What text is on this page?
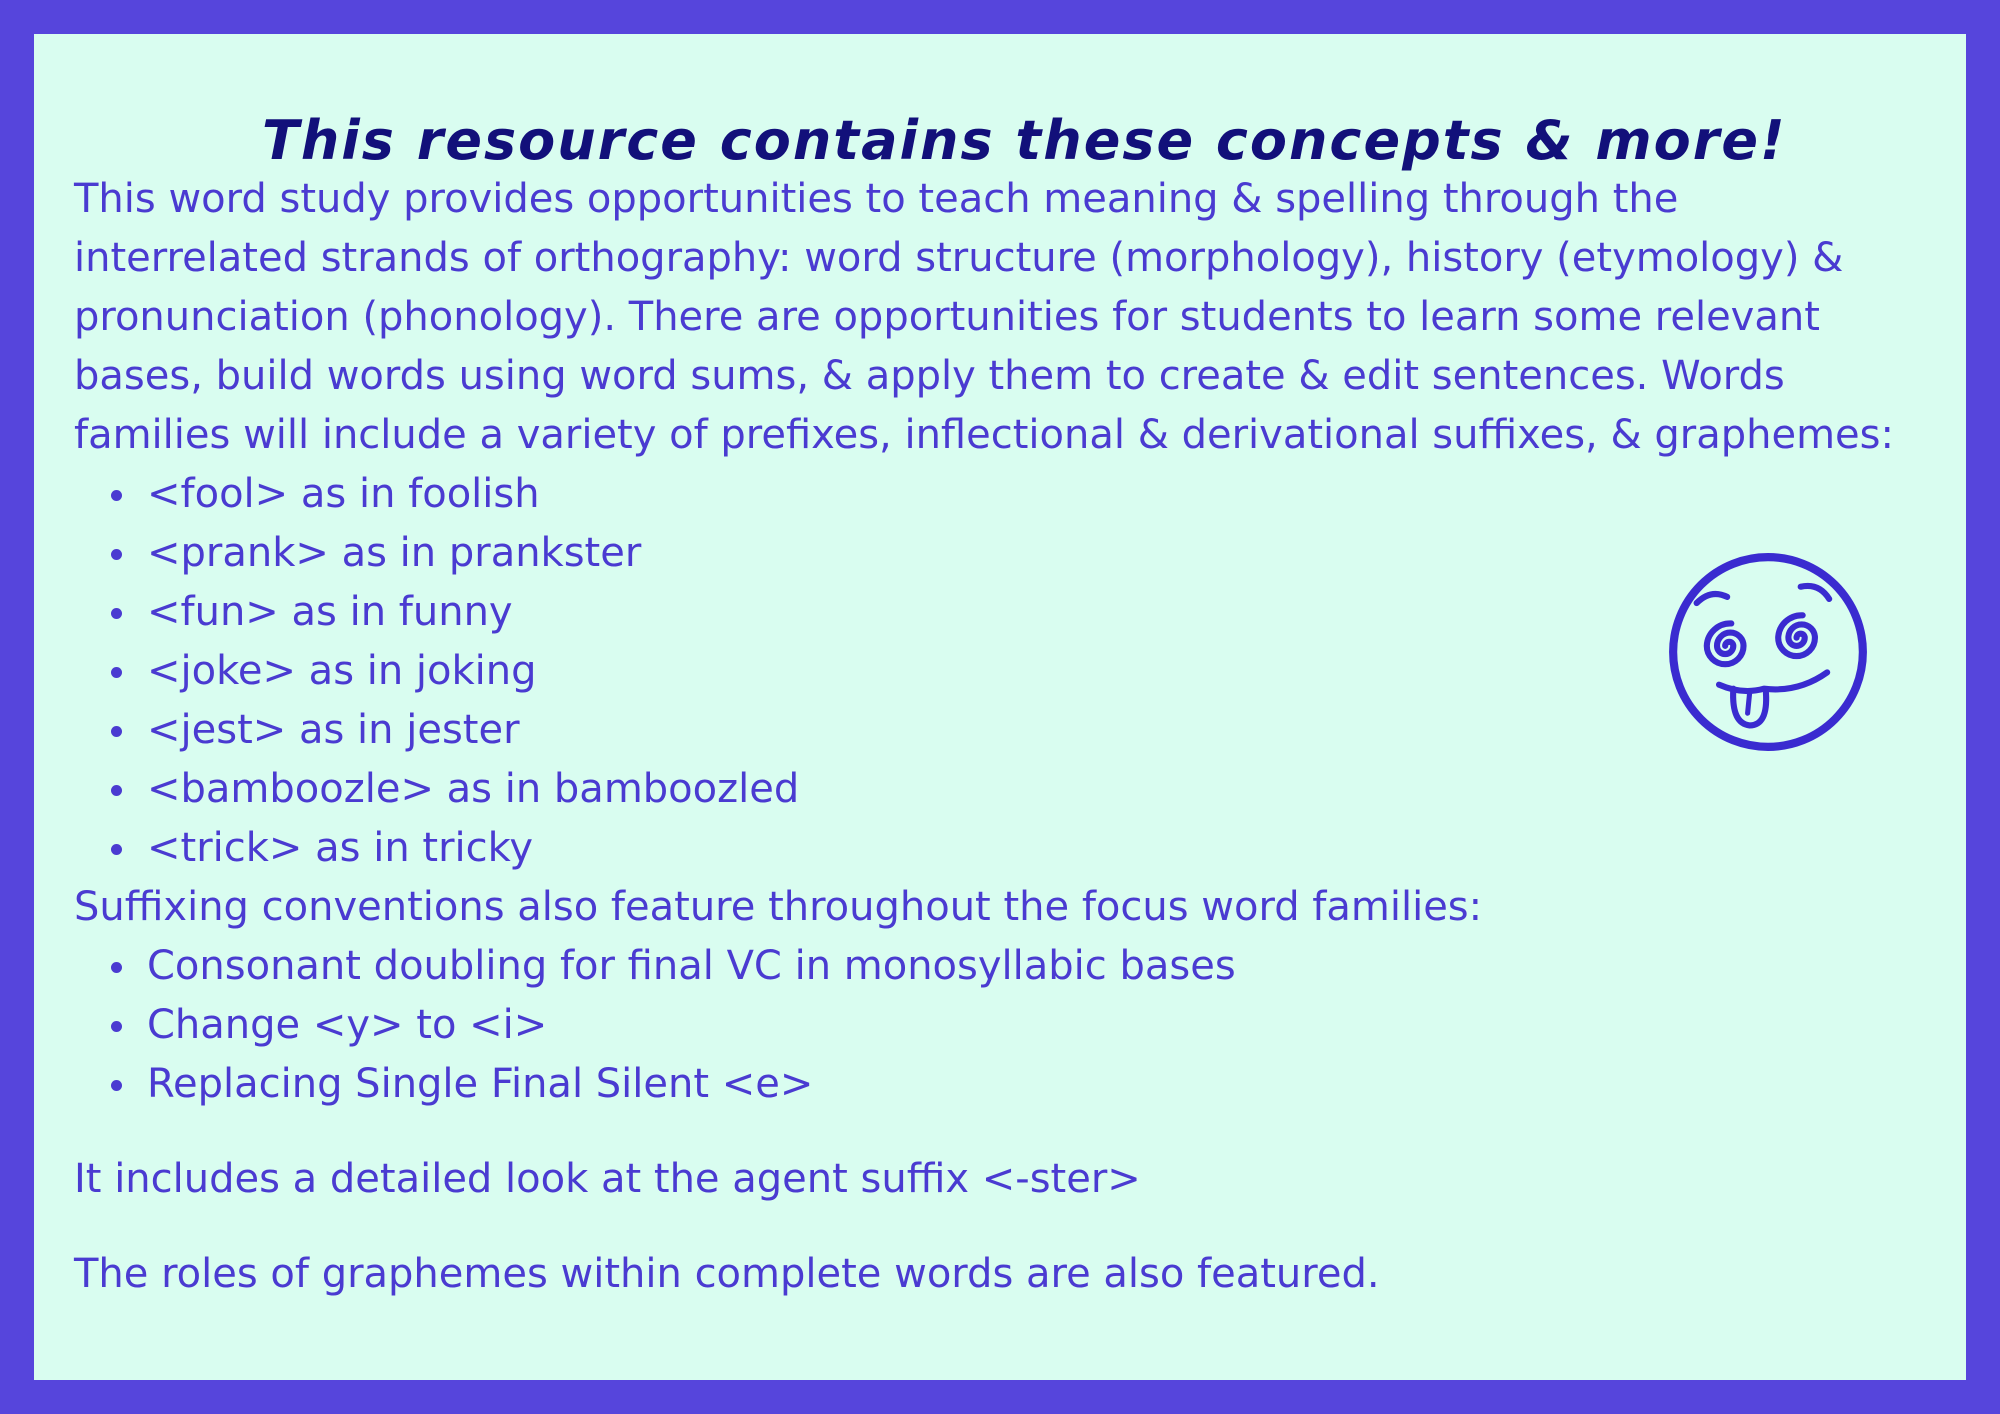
This resource contains these concepts & more!

This word study provides opportunities to teach meaning & spelling through the
interrelated strands of orthography: word structure (morphology), history (etymology) &
pronunciation (phonology). There are opportunities for students to learn some relevant
bases, build words using word sums, & apply them to create & edit sentences. Words
families will include a variety of prefixes, inflectional & derivational suffixes, & graphemes:

<fool> as in foolish
<prank> as in prankster
<fun> as in funny
<joke> as in joking
<jest> as in jester
<bamboozle> as in bamboozled
<trick> as in tricky

Suffixing conventions also feature throughout the focus word families:

Consonant doubling for final VC in monosyllabic bases
Change <y> to <i>
Replacing Single Final Silent <e>

It includes a detailed look at the agent suffix <-ster>

The roles of graphemes within complete words are also featured.
